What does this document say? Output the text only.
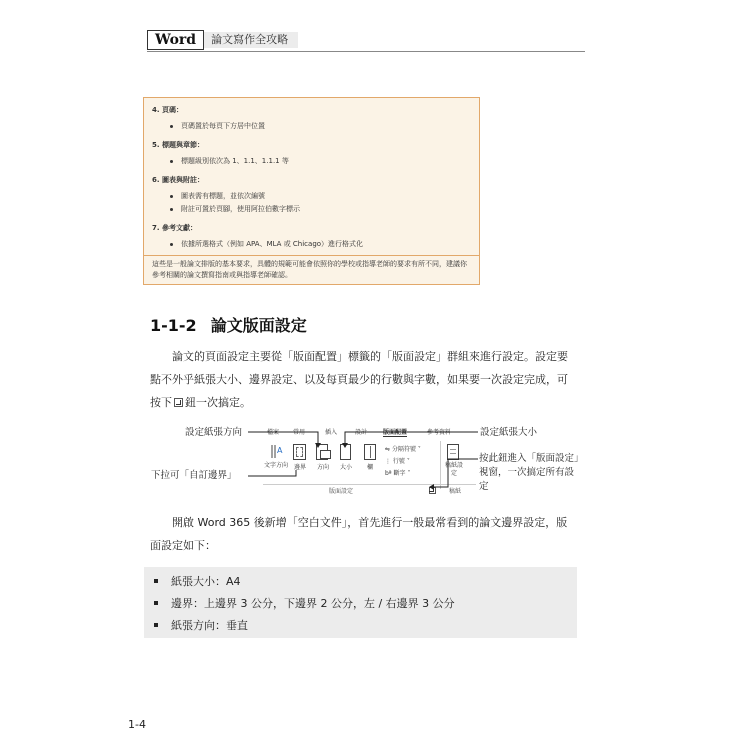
Word	論文寫作全攻略
4. 頁碼：
頁碼置於每頁下方居中位置
5. 標題與章節：
標題級別依次為 1、1.1、1.1.1 等
6. 圖表與附註：
圖表需有標題，並依次編號
附註可置於頁腳，使用阿拉伯數字標示
7. 參考文獻：
依據所選格式（例如 APA、MLA 或 Chicago）進行格式化
這些是一般論文排版的基本要求，具體的規範可能會依照你的學校或指導老師的要求有所不同，建議你參考相關的論文撰寫指南或與指導老師確認。
1-1-2 論文版面設定
論文的頁面設定主要從「版面配置」標籤的「版面設定」群組來進行設定。設定要點不外乎紙張大小、邊界設定、以及每頁最少的行數與字數，如果要一次設定完成，可按下 鈕一次搞定。
設定紙張方向	設定紙張大小
下拉可「自訂邊界」
按此鈕進入「版面設定」視窗，一次搞定所有設定
檔案 常用	插入	設計	版面配置	參考資料
A
文字方向 邊界	方向	大小	欄
⇋ 分隔符號 ˅
⋮ 行號 ˅
bª 斷字 ˅
稿紙設定
版面設定	稿紙
開啟 Word 365 後新增「空白文件」，首先進行一般最常看到的論文邊界設定，版面設定如下：
紙張大小：A4
邊界：上邊界 3 公分，下邊界 2 公分，左 / 右邊界 3 公分
紙張方向：垂直
1-4
